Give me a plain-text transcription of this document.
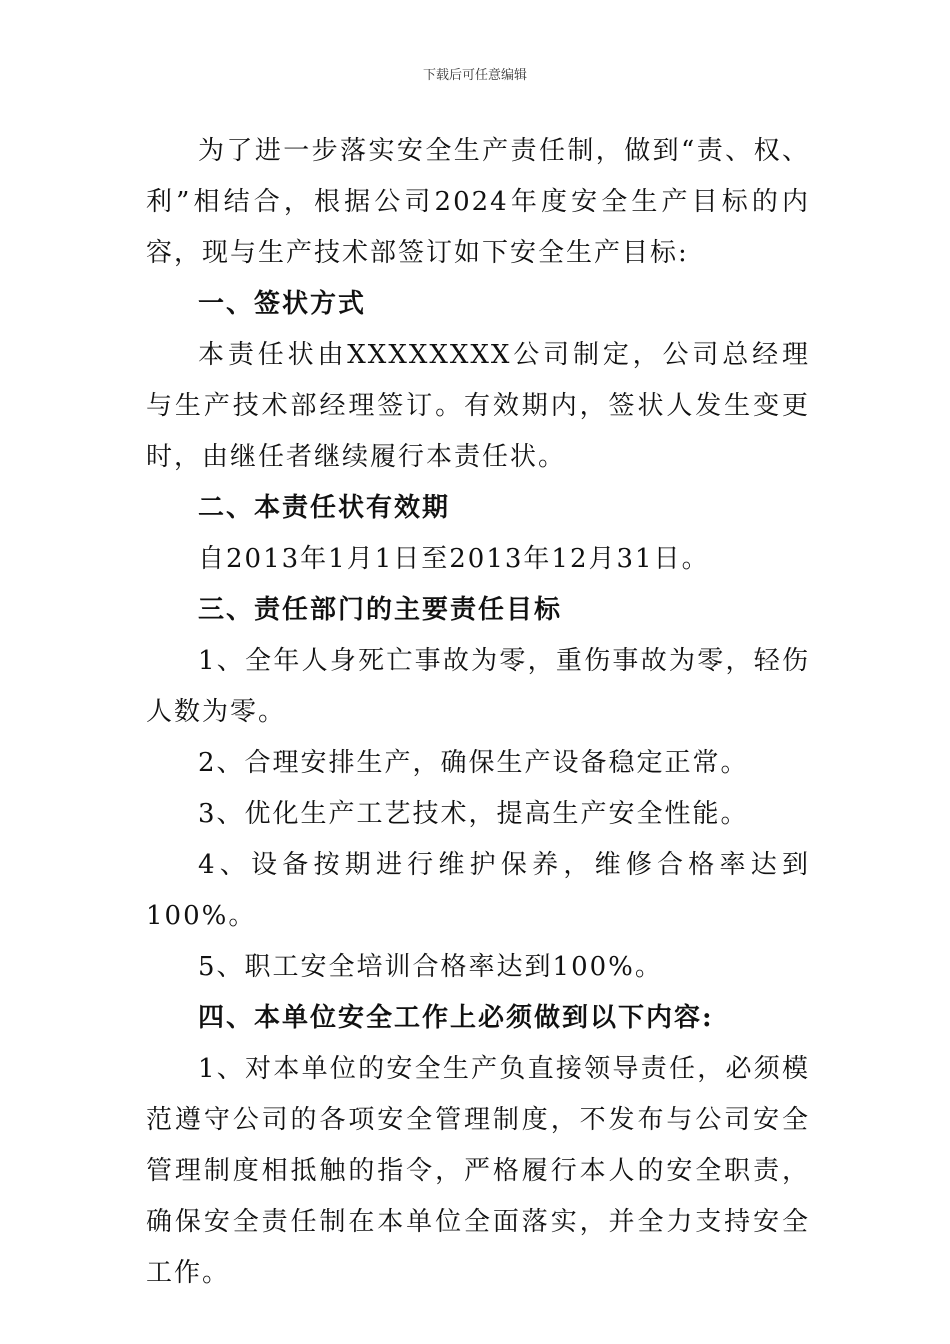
下载后可任意编辑

为了进一步落实安全生产责任制，做到“责、权、利”相结合，根据公司2024年度安全生产目标的内容，现与生产技术部签订如下安全生产目标:

一、签状方式

本责任状由XXXXXXXX公司制定，公司总经理与生产技术部经理签订。有效期内，签状人发生变更时，由继任者继续履行本责任状。

二、本责任状有效期

自2013年1月1日至2013年12月31日。

三、责任部门的主要责任目标

1、全年人身死亡事故为零，重伤事故为零，轻伤人数为零。

2、合理安排生产，确保生产设备稳定正常。

3、优化生产工艺技术，提高生产安全性能。

4、设备按期进行维护保养，维修合格率达到100%。

5、职工安全培训合格率达到100%。

四、本单位安全工作上必须做到以下内容:

1、对本单位的安全生产负直接领导责任，必须模范遵守公司的各项安全管理制度，不发布与公司安全管理制度相抵触的指令，严格履行本人的安全职责，确保安全责任制在本单位全面落实，并全力支持安全工作。
